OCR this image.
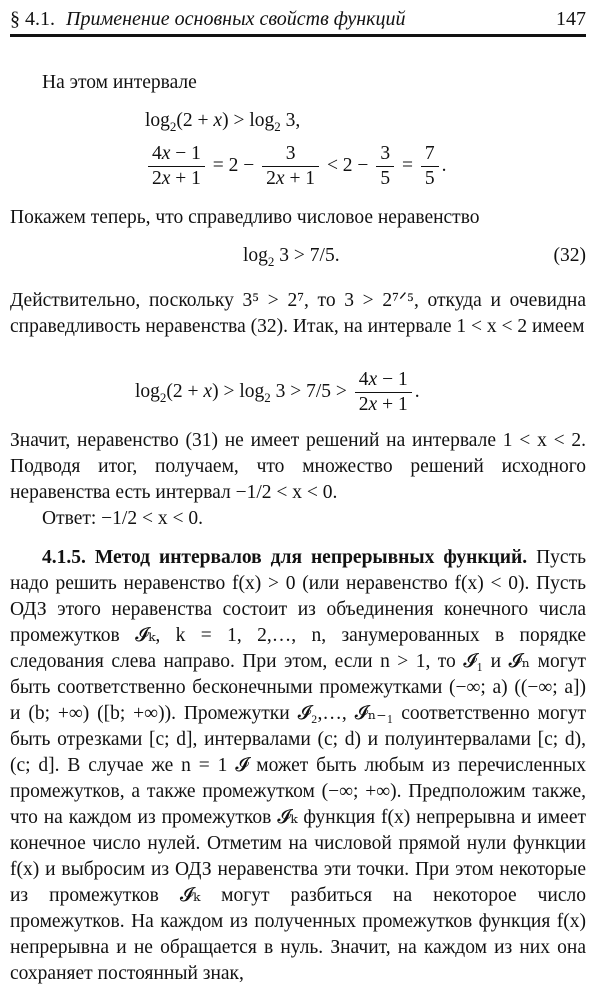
§ 4.1. Применение основных свойств функций	147
На этом интервале
$\log_2(2 + x) > \log_2 3$,
$\frac{4x - 1}{2x + 1} = 2 - \frac{3}{2x + 1} < 2 - \frac{3}{5} = \frac{7}{5}$ .
Покажем теперь, что справедливо числовое неравенство
$\log_2 3 > 7/5$.	(32)
Действительно, поскольку 3⁵ > 2⁷, то 3 > 2⁷ᐟ⁵, откуда и очевидна справедливость неравенства (32). Итак, на интервале 1 < x < 2 имеем
$\log_2(2 + x) > \log_2 3 > 7/5 > \frac{4x - 1}{2x + 1}$ .
Значит, неравенство (31) не имеет решений на интервале 1 < x < 2. Подводя итог, получаем, что множество решений исходного неравенства есть интервал −1/2 < x < 0.
Ответ: −1/2 < x < 0.
4.1.5. Метод интервалов для непрерывных функций. Пусть надо решить неравенство f(x) > 0 (или неравенство f(x) < 0). Пусть ОДЗ этого неравенства состоит из объединения конечного числа промежутков 𝓘ₖ, k = 1, 2,…, n, занумерованных в порядке следования слева направо. При этом, если n > 1, то 𝓘₁ и 𝓘ₙ могут быть соответственно бесконечными промежутками (−∞; a) ((−∞; a]) и (b; +∞) ([b; +∞)). Промежутки 𝓘₂,…, 𝓘ₙ₋₁ соответственно могут быть отрезками [c; d], интервалами (c; d) и полуинтервалами [c; d), (c; d]. В случае же n = 1 𝓘 может быть любым из перечисленных промежутков, а также промежутком (−∞; +∞). Предположим также, что на каждом из промежутков 𝓘ₖ функция f(x) непрерывна и имеет конечное число нулей. Отметим на числовой прямой нули функции f(x) и выбросим из ОДЗ неравенства эти точки. При этом некоторые из промежутков 𝓘ₖ могут разбиться на некоторое число промежутков. На каждом из полученных промежутков функция f(x) непрерывна и не обращается в нуль. Значит, на каждом из них она сохраняет постоянный знак,
